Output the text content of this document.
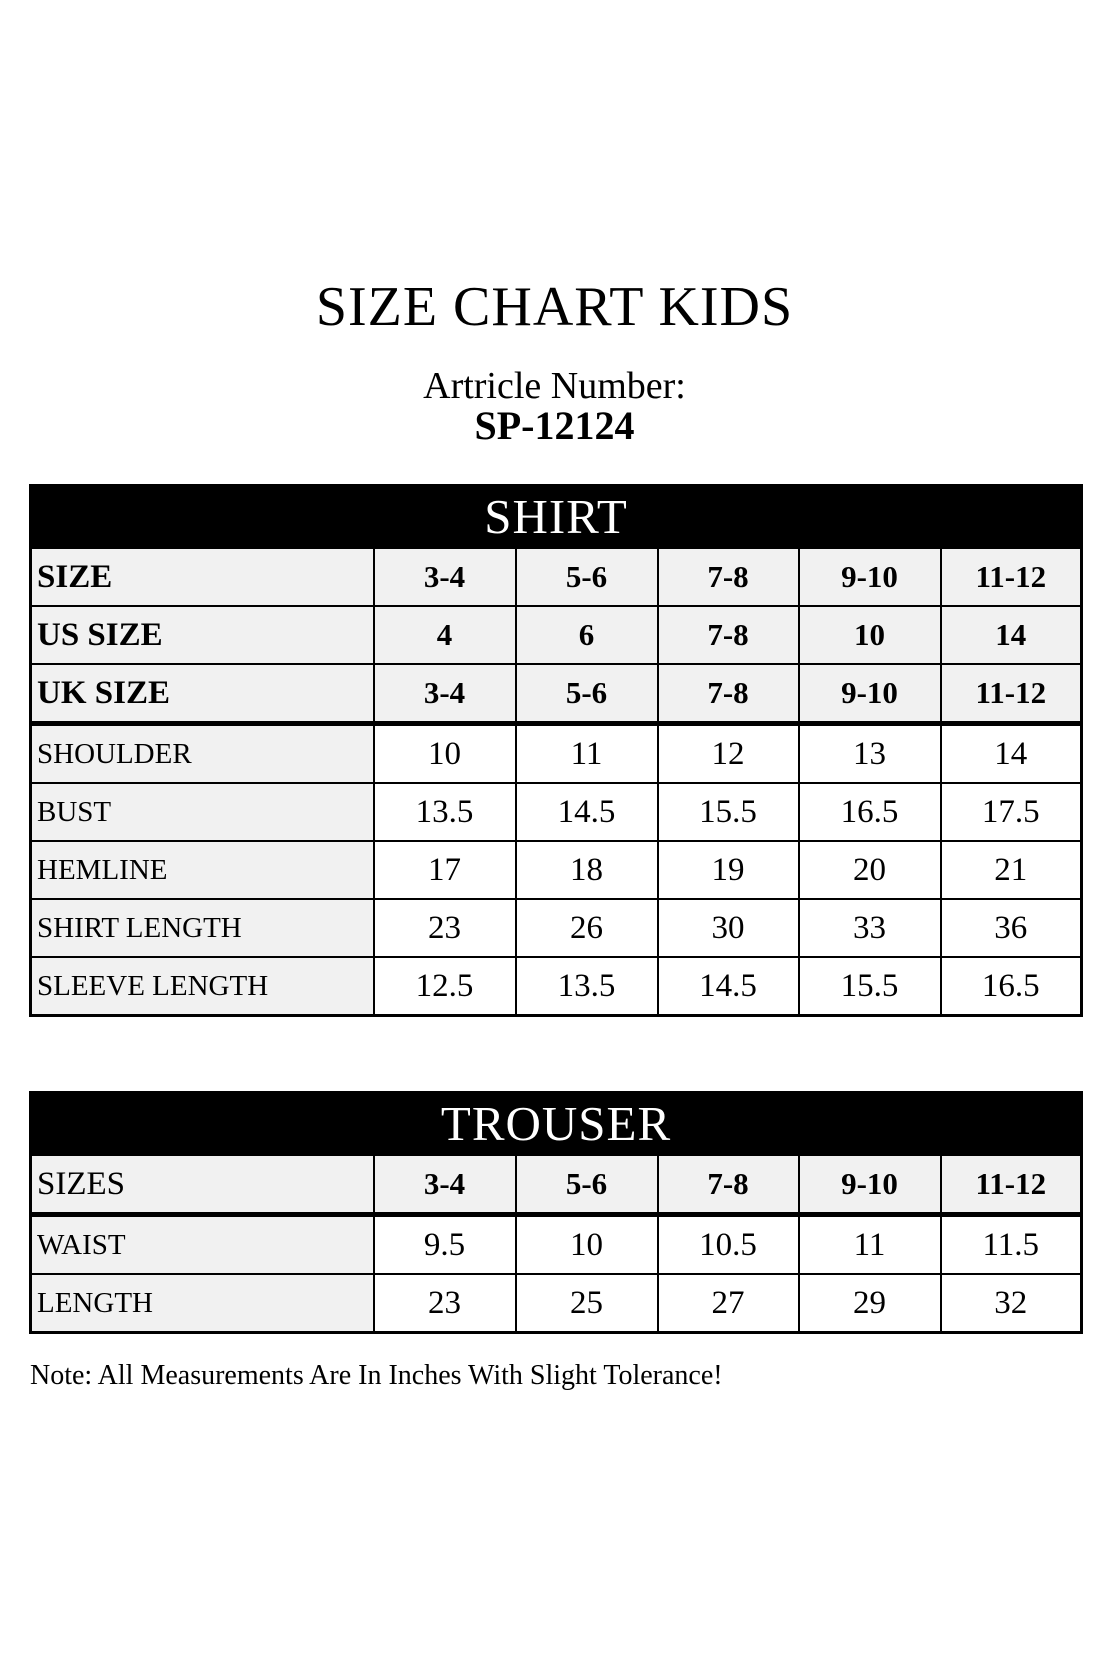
SIZE CHART KIDS
Artricle Number:
SP-12124
SHIRT					
SIZE	3-4	5-6	7-8	9-10	11-12
US SIZE	4	6	7-8	10	14
UK SIZE	3-4	5-6	7-8	9-10	11-12
SHOULDER	10	11	12	13	14
BUST	13.5	14.5	15.5	16.5	17.5
HEMLINE	17	18	19	20	21
SHIRT LENGTH	23	26	30	33	36
SLEEVE LENGTH	12.5	13.5	14.5	15.5	16.5
TROUSER					
SIZES	3-4	5-6	7-8	9-10	11-12
WAIST	9.5	10	10.5	11	11.5
LENGTH	23	25	27	29	32
Note: All Measurements Are In Inches With Slight Tolerance!
